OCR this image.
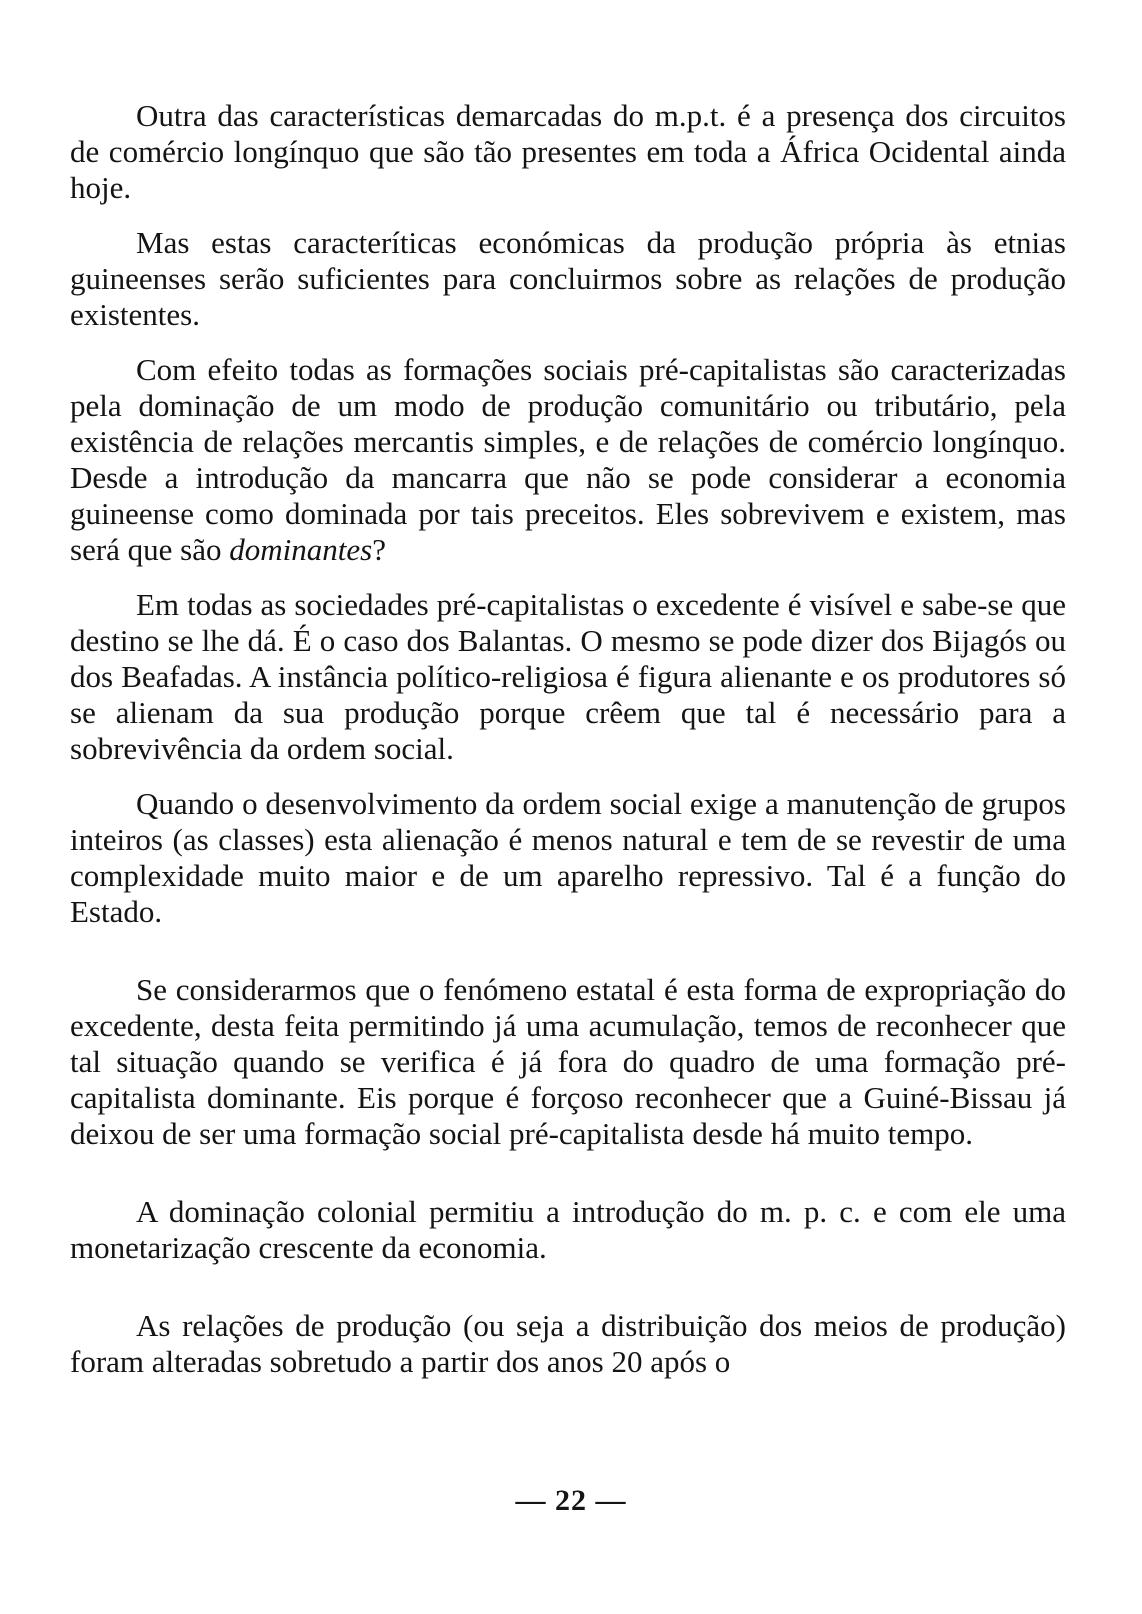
Outra das características demarcadas do m.p.t. é a presença dos circuitos de comércio longínquo que são tão presentes em toda a África Ocidental ainda hoje.

Mas estas caracteríticas económicas da produção própria às etnias guineenses serão suficientes para concluirmos sobre as relações de produção existentes.

Com efeito todas as formações sociais pré-capitalistas são caracterizadas pela dominação de um modo de produção comunitário ou tributário, pela existência de relações mercantis simples, e de relações de comércio longínquo. Desde a introdução da mancarra que não se pode considerar a economia guineense como dominada por tais preceitos. Eles sobrevivem e existem, mas será que são dominantes?

Em todas as sociedades pré-capitalistas o excedente é visível e sabe-se que destino se lhe dá. É o caso dos Balantas. O mesmo se pode dizer dos Bijagós ou dos Beafadas. A instância político-religiosa é figura alienante e os produtores só se alienam da sua produção porque crêem que tal é necessário para a sobrevivência da ordem social.

Quando o desenvolvimento da ordem social exige a manutenção de grupos inteiros (as classes) esta alienação é menos natural e tem de se revestir de uma complexidade muito maior e de um aparelho repressivo. Tal é a função do Estado.

Se considerarmos que o fenómeno estatal é esta forma de expropriação do excedente, desta feita permitindo já uma acumulação, temos de reconhecer que tal situação quando se verifica é já fora do quadro de uma formação pré-capitalista dominante. Eis porque é forçoso reconhecer que a Guiné-Bissau já deixou de ser uma formação social pré-capitalista desde há muito tempo.

A dominação colonial permitiu a introdução do m. p. c. e com ele uma monetarização crescente da economia.

As relações de produção (ou seja a distribuição dos meios de produção) foram alteradas sobretudo a partir dos anos 20 após o

— 22 —
